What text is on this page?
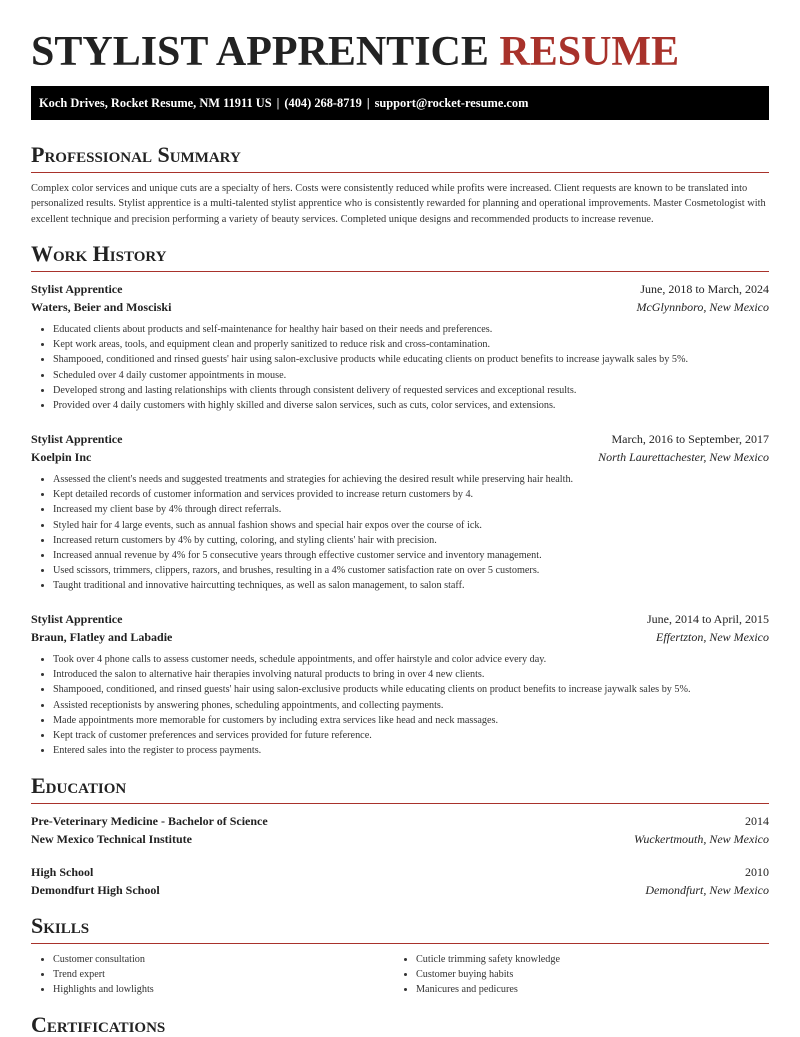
STYLIST APPRENTICE RESUME
Koch Drives, Rocket Resume, NM 11911 US | (404) 268-8719 | support@rocket-resume.com
Professional Summary

Complex color services and unique cuts are a specialty of hers. Costs were consistently reduced while profits were increased. Client requests are known to be translated into personalized results. Stylist apprentice is a multi-talented stylist apprentice who is consistently rewarded for planning and operational improvements. Master Cosmetologist with excellent technique and precision performing a variety of beauty services. Completed unique designs and recommended products to increase revenue.

Work History
Stylist Apprentice	June, 2018 to March, 2024
Waters, Beier and Mosciski	McGlynnboro, New Mexico
• Educated clients about products and self-maintenance for healthy hair based on their needs and preferences.
• Kept work areas, tools, and equipment clean and properly sanitized to reduce risk and cross-contamination.
• Shampooed, conditioned and rinsed guests' hair using salon-exclusive products while educating clients on product benefits to increase jaywalk sales by 5%.
• Scheduled over 4 daily customer appointments in mouse.
• Developed strong and lasting relationships with clients through consistent delivery of requested services and exceptional results.
• Provided over 4 daily customers with highly skilled and diverse salon services, such as cuts, color services, and extensions.
Stylist Apprentice	March, 2016 to September, 2017
Koelpin Inc	North Laurettachester, New Mexico
• Assessed the client's needs and suggested treatments and strategies for achieving the desired result while preserving hair health.
• Kept detailed records of customer information and services provided to increase return customers by 4.
• Increased my client base by 4% through direct referrals.
• Styled hair for 4 large events, such as annual fashion shows and special hair expos over the course of ick.
• Increased return customers by 4% by cutting, coloring, and styling clients' hair with precision.
• Increased annual revenue by 4% for 5 consecutive years through effective customer service and inventory management.
• Used scissors, trimmers, clippers, razors, and brushes, resulting in a 4% customer satisfaction rate on over 5 customers.
• Taught traditional and innovative haircutting techniques, as well as salon management, to salon staff.
Stylist Apprentice	June, 2014 to April, 2015
Braun, Flatley and Labadie	Effertzton, New Mexico
• Took over 4 phone calls to assess customer needs, schedule appointments, and offer hairstyle and color advice every day.
• Introduced the salon to alternative hair therapies involving natural products to bring in over 4 new clients.
• Shampooed, conditioned, and rinsed guests' hair using salon-exclusive products while educating clients on product benefits to increase jaywalk sales by 5%.
• Assisted receptionists by answering phones, scheduling appointments, and collecting payments.
• Made appointments more memorable for customers by including extra services like head and neck massages.
• Kept track of customer preferences and services provided for future reference.
• Entered sales into the register to process payments.
Education
Pre-Veterinary Medicine - Bachelor of Science	2014
New Mexico Technical Institute	Wuckertmouth, New Mexico
High School	2010
Demondfurt High School	Demondfurt, New Mexico
Skills
• Customer consultation
• Trend expert
• Highlights and lowlights
• Cuticle trimming safety knowledge
• Customer buying habits
• Manicures and pedicures
Certifications
